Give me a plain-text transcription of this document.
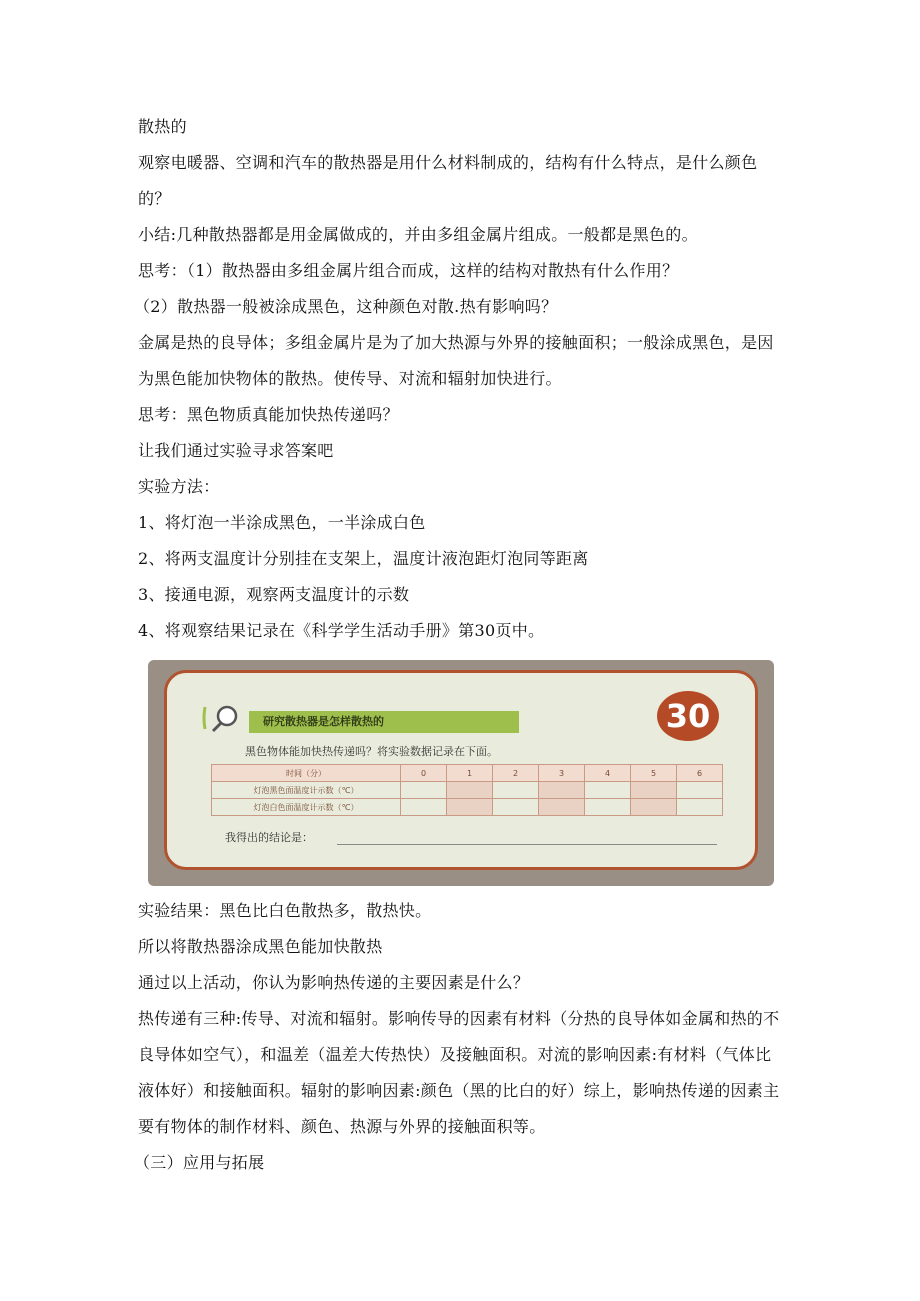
散热的

观察电暖器、空调和汽车的散热器是用什么材料制成的，结构有什么特点，是什么颜色的？

小结:几种散热器都是用金属做成的，并由多组金属片组成。一般都是黑色的。

思考：（1）散热器由多组金属片组合而成，这样的结构对散热有什么作用？

（2）散热器一般被涂成黑色，这种颜色对散.热有影响吗？

金属是热的良导体；多组金属片是为了加大热源与外界的接触面积；一般涂成黑色，是因为黑色能加快物体的散热。使传导、对流和辐射加快进行。

思考：黑色物质真能加快热传递吗？

让我们通过实验寻求答案吧

实验方法：

1、将灯泡一半涂成黑色，一半涂成白色

2、将两支温度计分别挂在支架上，温度计液泡距灯泡同等距离

3、接通电源，观察两支温度计的示数

4、将观察结果记录在《科学学生活动手册》第30页中。

30
研究散热器是怎样散热的
黑色物体能加快热传递吗？将实验数据记录在下面。
时间（分）	0	1	2	3	4	5	6
灯泡黑色面温度计示数（℃）							
灯泡白色面温度计示数（℃）							
我得出的结论是：

实验结果：黑色比白色散热多，散热快。

所以将散热器涂成黑色能加快散热

通过以上活动，你认为影响热传递的主要因素是什么？

热传递有三种:传导、对流和辐射。影响传导的因素有材料（分热的良导体如金属和热的不良导体如空气），和温差（温差大传热快）及接触面积。对流的影响因素:有材料（气体比液体好）和接触面积。辐射的影响因素:颜色（黑的比白的好）综上，影响热传递的因素主要有物体的制作材料、颜色、热源与外界的接触面积等。

（三）应用与拓展
